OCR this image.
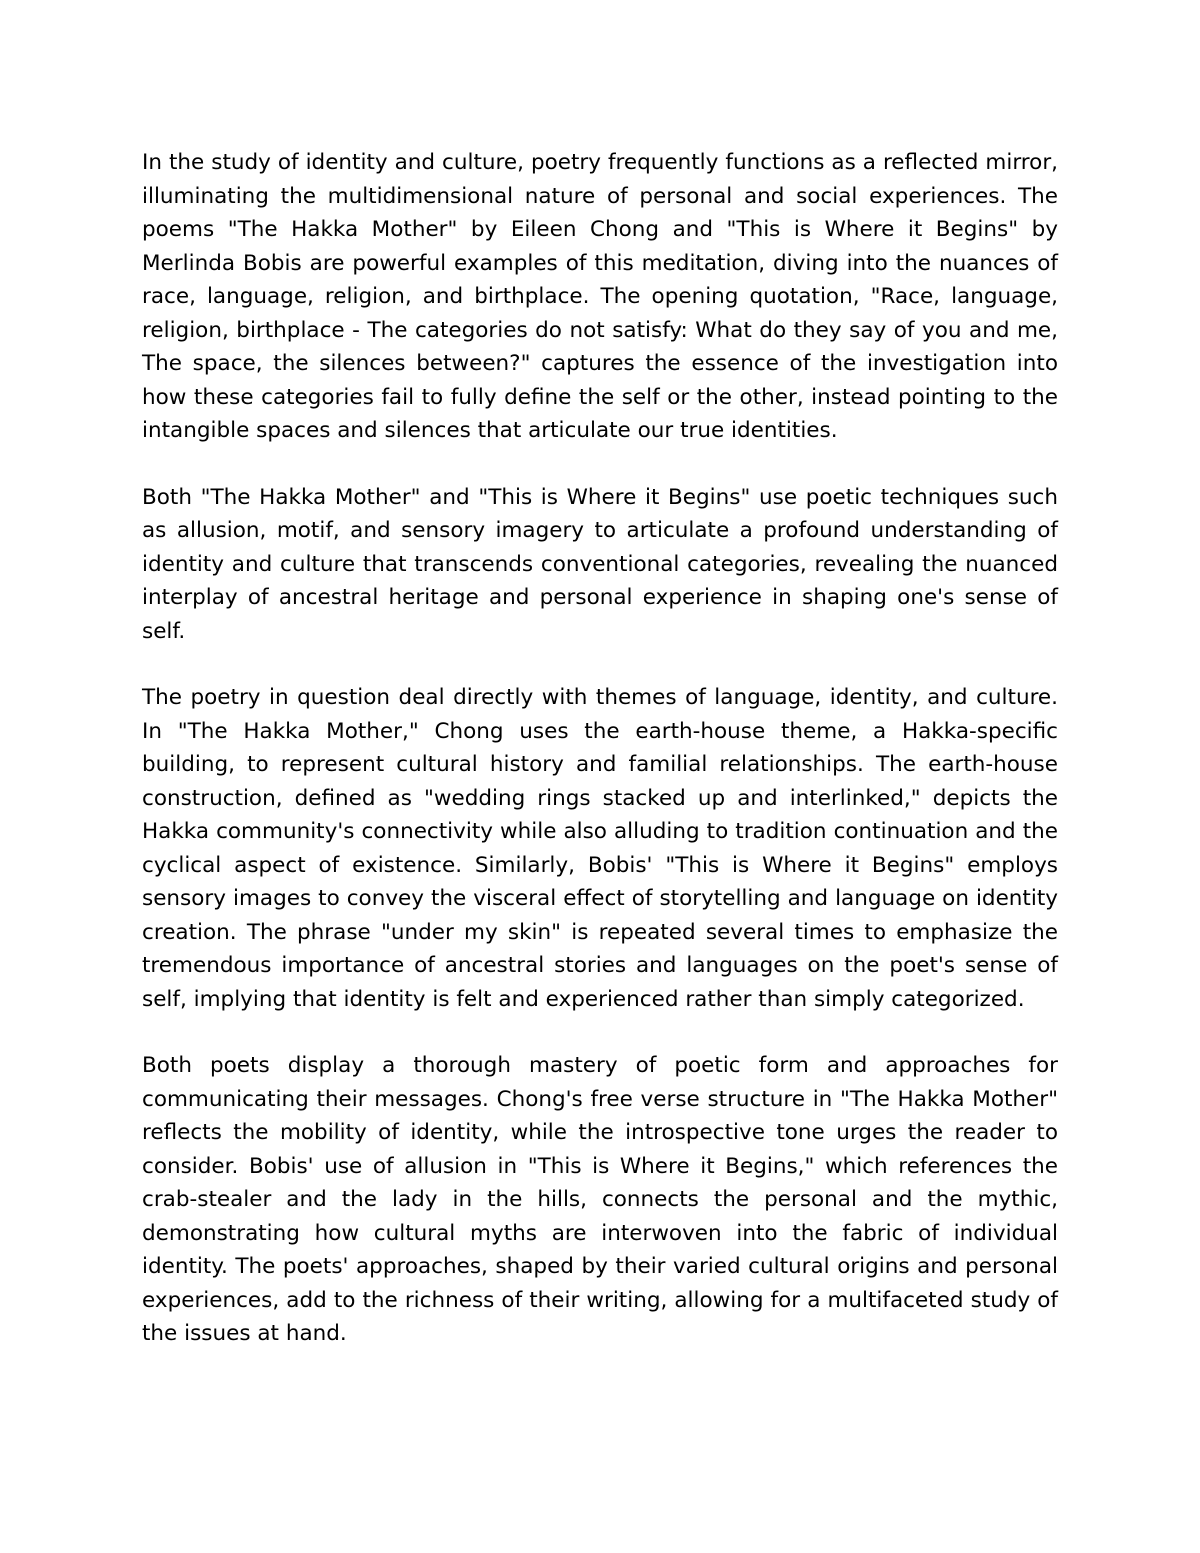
In the study of identity and culture, poetry frequently functions as a reflected mirror, illuminating the multidimensional nature of personal and social experiences. The poems "The Hakka Mother" by Eileen Chong and "This is Where it Begins" by Merlinda Bobis are powerful examples of this meditation, diving into the nuances of race, language, religion, and birthplace. The opening quotation, "Race, language, religion, birthplace - The categories do not satisfy: What do they say of you and me, The space, the silences between?" captures the essence of the investigation into how these categories fail to fully define the self or the other, instead pointing to the intangible spaces and silences that articulate our true identities.

Both "The Hakka Mother" and "This is Where it Begins" use poetic techniques such as allusion, motif, and sensory imagery to articulate a profound understanding of identity and culture that transcends conventional categories, revealing the nuanced interplay of ancestral heritage and personal experience in shaping one's sense of self.

The poetry in question deal directly with themes of language, identity, and culture. In "The Hakka Mother," Chong uses the earth-house theme, a Hakka-specific building, to represent cultural history and familial relationships. The earth-house construction, defined as "wedding rings stacked up and interlinked," depicts the Hakka community's connectivity while also alluding to tradition continuation and the cyclical aspect of existence. Similarly, Bobis' "This is Where it Begins" employs sensory images to convey the visceral effect of storytelling and language on identity creation. The phrase "under my skin" is repeated several times to emphasize the tremendous importance of ancestral stories and languages on the poet's sense of self, implying that identity is felt and experienced rather than simply categorized.

Both poets display a thorough mastery of poetic form and approaches for communicating their messages. Chong's free verse structure in "The Hakka Mother" reflects the mobility of identity, while the introspective tone urges the reader to consider. Bobis' use of allusion in "This is Where it Begins," which references the crab-stealer and the lady in the hills, connects the personal and the mythic, demonstrating how cultural myths are interwoven into the fabric of individual identity. The poets' approaches, shaped by their varied cultural origins and personal experiences, add to the richness of their writing, allowing for a multifaceted study of the issues at hand.
